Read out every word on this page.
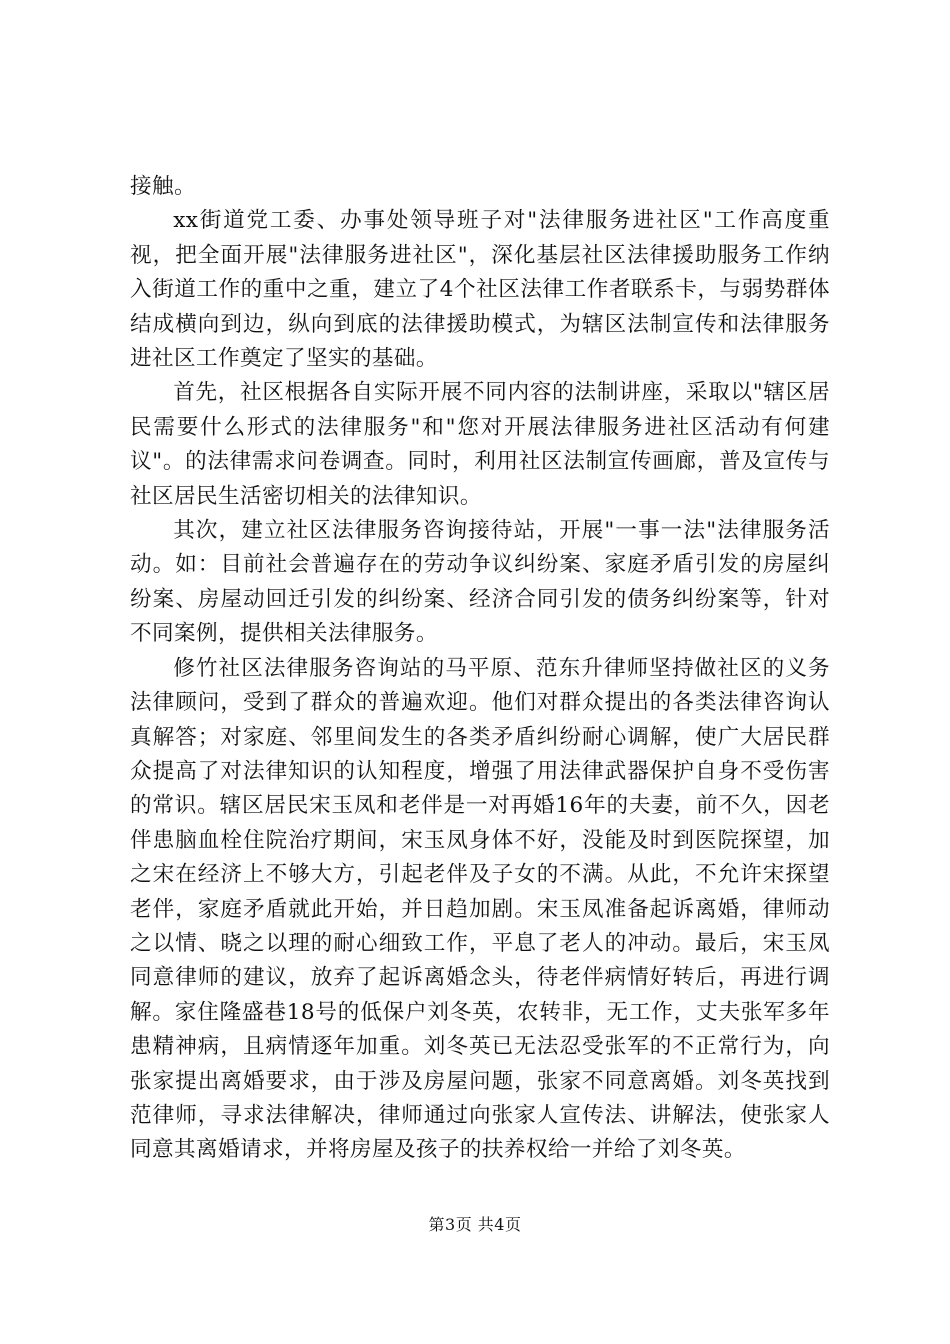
接触。

xx街道党工委、办事处领导班子对"法律服务进社区"工作高度重视，把全面开展"法律服务进社区"，深化基层社区法律援助服务工作纳入街道工作的重中之重，建立了4个社区法律工作者联系卡，与弱势群体结成横向到边，纵向到底的法律援助模式，为辖区法制宣传和法律服务进社区工作奠定了坚实的基础。

首先，社区根据各自实际开展不同内容的法制讲座，采取以"辖区居民需要什么形式的法律服务"和"您对开展法律服务进社区活动有何建议"。的法律需求问卷调查。同时，利用社区法制宣传画廊，普及宣传与社区居民生活密切相关的法律知识。

其次，建立社区法律服务咨询接待站，开展"一事一法"法律服务活动。如：目前社会普遍存在的劳动争议纠纷案、家庭矛盾引发的房屋纠纷案、房屋动回迁引发的纠纷案、经济合同引发的债务纠纷案等，针对不同案例，提供相关法律服务。

修竹社区法律服务咨询站的马平原、范东升律师坚持做社区的义务法律顾问，受到了群众的普遍欢迎。他们对群众提出的各类法律咨询认真解答；对家庭、邻里间发生的各类矛盾纠纷耐心调解，使广大居民群众提高了对法律知识的认知程度，增强了用法律武器保护自身不受伤害的常识。辖区居民宋玉凤和老伴是一对再婚16年的夫妻，前不久，因老伴患脑血栓住院治疗期间，宋玉凤身体不好，没能及时到医院探望，加之宋在经济上不够大方，引起老伴及子女的不满。从此，不允许宋探望老伴，家庭矛盾就此开始，并日趋加剧。宋玉凤准备起诉离婚，律师动之以情、晓之以理的耐心细致工作，平息了老人的冲动。最后，宋玉凤同意律师的建议，放弃了起诉离婚念头，待老伴病情好转后，再进行调解。家住隆盛巷18号的低保户刘冬英，农转非，无工作，丈夫张军多年患精神病，且病情逐年加重。刘冬英已无法忍受张军的不正常行为，向张家提出离婚要求，由于涉及房屋问题，张家不同意离婚。刘冬英找到范律师，寻求法律解决，律师通过向张家人宣传法、讲解法，使张家人同意其离婚请求，并将房屋及孩子的扶养权给一并给了刘冬英。

第3页 共4页
